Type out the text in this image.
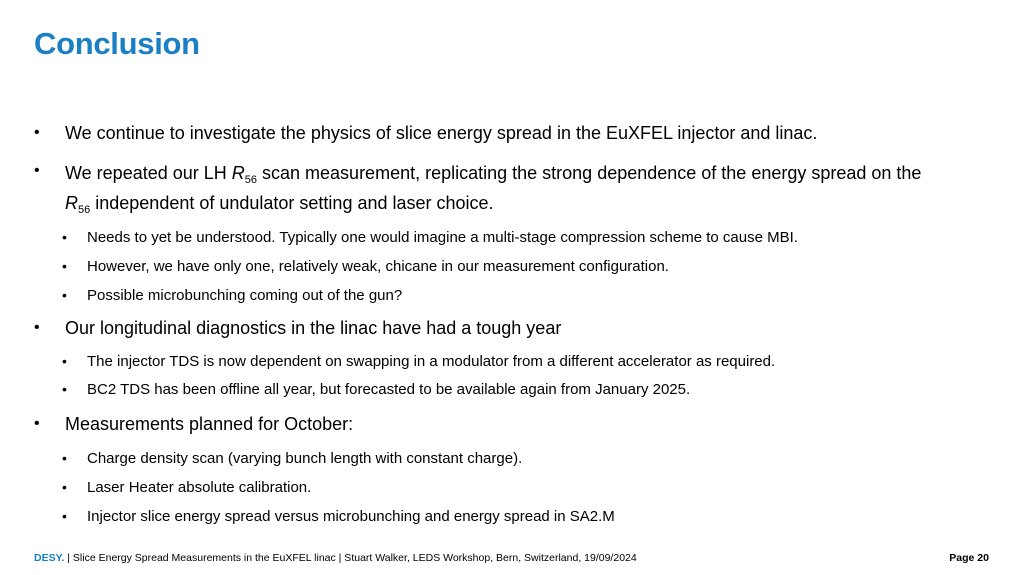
Conclusion
• We continue to investigate the physics of slice energy spread in the EuXFEL injector and linac.
• We repeated our LH $R_{56}$ scan measurement, replicating the strong dependence of the energy spread on the
$R_{56}$ independent of undulator setting and laser choice.
• Needs to yet be understood. Typically one would imagine a multi-stage compression scheme to cause MBI.
• However, we have only one, relatively weak, chicane in our measurement configuration.
• Possible microbunching coming out of the gun?
• Our longitudinal diagnostics in the linac have had a tough year
• The injector TDS is now dependent on swapping in a modulator from a different accelerator as required.
• BC2 TDS has been offline all year, but forecasted to be available again from January 2025.
• Measurements planned for October:
• Charge density scan (varying bunch length with constant charge).
• Laser Heater absolute calibration.
• Injector slice energy spread versus microbunching and energy spread in SA2.M
DESY. | Slice Energy Spread Measurements in the EuXFEL linac | Stuart Walker, LEDS Workshop, Bern, Switzerland, 19/09/2024	Page 20
